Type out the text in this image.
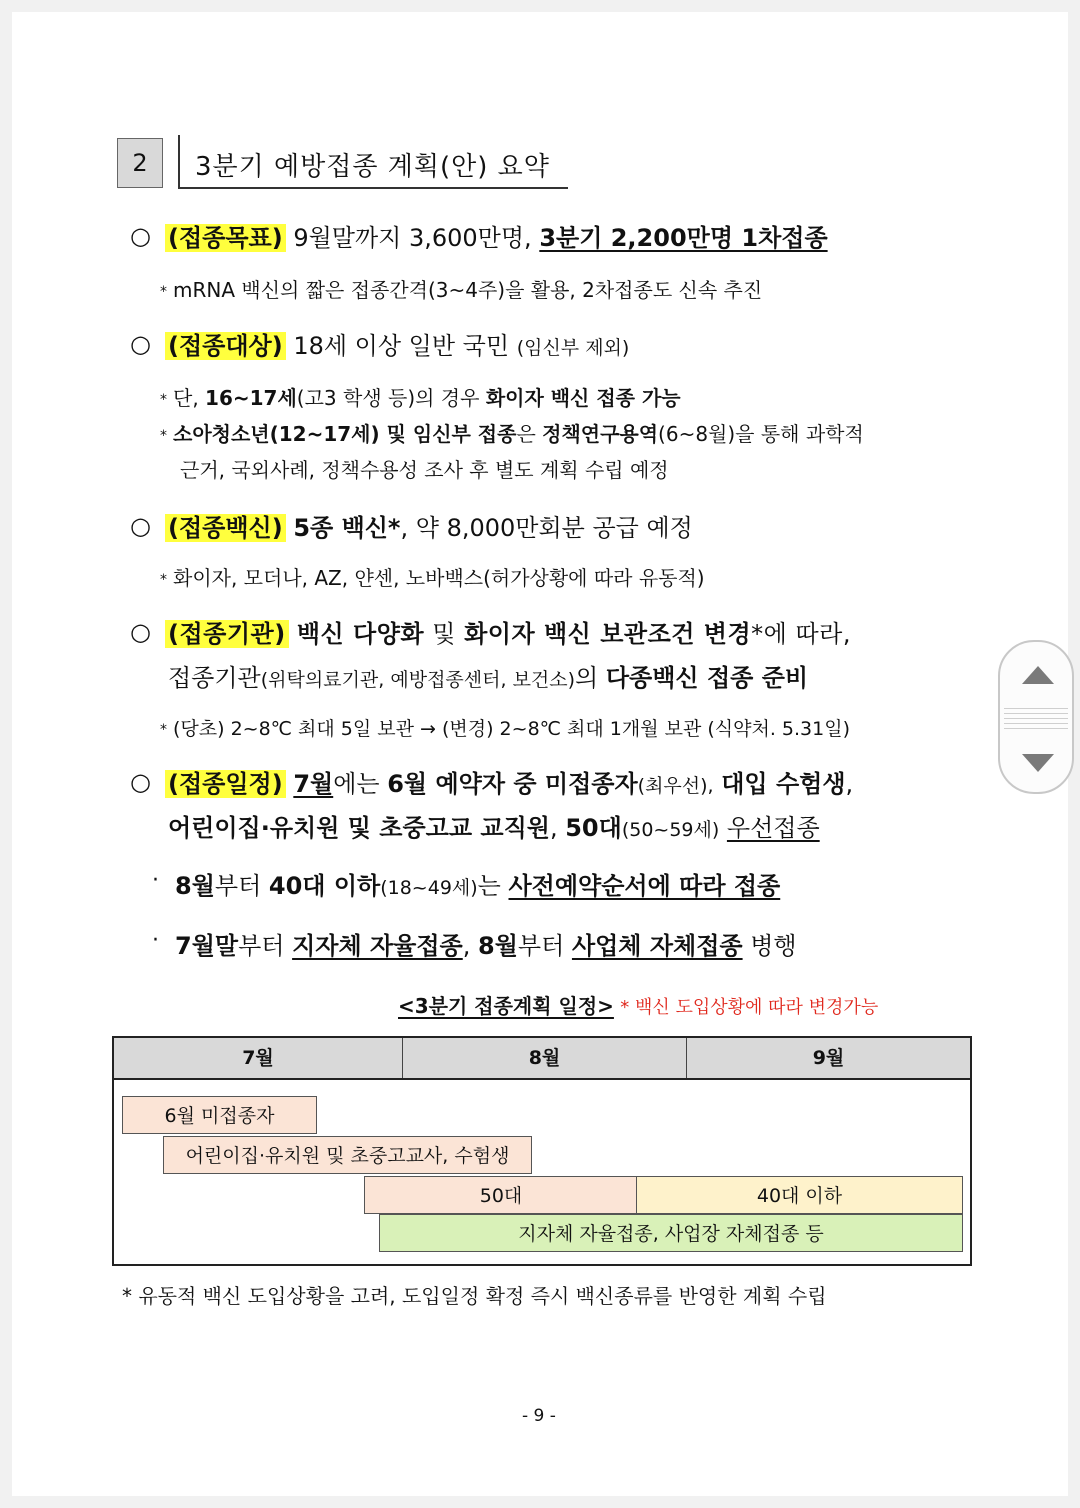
2	3분기 예방접종 계획(안) 요약
○ (접종목표) 9월말까지 3,600만명, 3분기 2,200만명 1차접종
* mRNA 백신의 짧은 접종간격(3~4주)을 활용, 2차접종도 신속 추진
○ (접종대상) 18세 이상 일반 국민 (임신부 제외)
* 단, 16~17세(고3 학생 등)의 경우 화이자 백신 접종 가능
* 소아청소년(12~17세) 및 임신부 접종은 정책연구용역(6~8월)을 통해 과학적
근거, 국외사례, 정책수용성 조사 후 별도 계획 수립 예정
○ (접종백신) 5종 백신*, 약 8,000만회분 공급 예정
* 화이자, 모더나, AZ, 얀센, 노바백스(허가상황에 따라 유동적)
○ (접종기관) 백신 다양화 및 화이자 백신 보관조건 변경*에 따라,
접종기관(위탁의료기관, 예방접종센터, 보건소)의 다종백신 접종 준비
* (당초) 2~8℃ 최대 5일 보관 → (변경) 2~8℃ 최대 1개월 보관 (식약처. 5.31일)
○ (접종일정) 7월에는 6월 예약자 중 미접종자(최우선), 대입 수험생,
어린이집·유치원 및 초중고교 교직원, 50대(50~59세) 우선접종
· 8월부터 40대 이하(18~49세)는 사전예약순서에 따라 접종
· 7월말부터 지자체 자율접종, 8월부터 사업체 자체접종 병행
<3분기 접종계획 일정> * 백신 도입상황에 따라 변경가능
7월	8월	9월
6월 미접종자
어린이집·유치원 및 초중고교사, 수험생
50대	40대 이하
지자체 자율접종, 사업장 자체접종 등
* 유동적 백신 도입상황을 고려, 도입일정 확정 즉시 백신종류를 반영한 계획 수립
- 9 -
